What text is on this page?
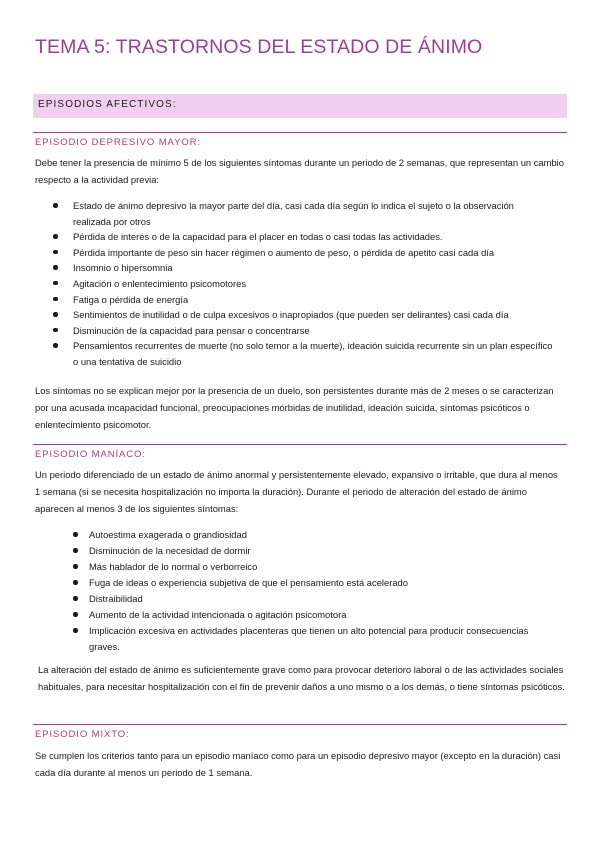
TEMA 5: TRASTORNOS DEL ESTADO DE ÁNIMO
EPISODIOS AFECTIVOS:
EPISODIO DEPRESIVO MAYOR:

Debe tener la presencia de mínimo 5 de los siguientes síntomas durante un periodo de 2 semanas, que representan un cambio respecto a la actividad previa:

Estado de ánimo depresivo la mayor parte del día, casi cada día según lo indica el sujeto o la observación realizada por otros
Pérdida de interés o de la capacidad para el placer en todas o casi todas las actividades.
Pérdida importante de peso sin hacer régimen o aumento de peso, o pérdida de apetito casi cada día
Insomnio o hipersomnia
Agitación o enlentecimiento psicomotores
Fatiga o pérdida de energía
Sentimientos de inutilidad o de culpa excesivos o inapropiados (que pueden ser delirantes) casi cada día
Disminución de la capacidad para pensar o concentrarse
Pensamientos recurrentes de muerte (no solo temor a la muerte), ideación suicida recurrente sin un plan específico o una tentativa de suicidio

Los síntomas no se explican mejor por la presencia de un duelo, son persistentes durante más de 2 meses o se caracterizan por una acusada incapacidad funcional, preocupaciones mórbidas de inutilidad, ideación suicida, síntomas psicóticos o enlentecimiento psicomotor.

EPISODIO MANÍACO:

Un periodo diferenciado de un estado de ánimo anormal y persistentemente elevado, expansivo o irritable, que dura al menos 1 semana (si se necesita hospitalización no importa la duración). Durante el periodo de alteración del estado de ánimo aparecen al menos 3 de los siguientes síntomas:

Autoestima exagerada o grandiosidad
Disminución de la necesidad de dormir
Más hablador de lo normal o verborreico
Fuga de ideas o experiencia subjetiva de que el pensamiento está acelerado
Distraibilidad
Aumento de la actividad intencionada o agitación psicomotora
Implicación excesiva en actividades placenteras que tienen un alto potencial para producir consecuencias graves.

La alteración del estado de ánimo es suficientemente grave como para provocar deterioro laboral o de las actividades sociales habituales, para necesitar hospitalización con el fin de prevenir daños a uno mismo o a los demás, o tiene síntomas psicóticos.

EPISODIO MIXTO:

Se cumplen los criterios tanto para un episodio maníaco como para un episodio depresivo mayor (excepto en la duración) casi cada día durante al menos un periodo de 1 semana.
